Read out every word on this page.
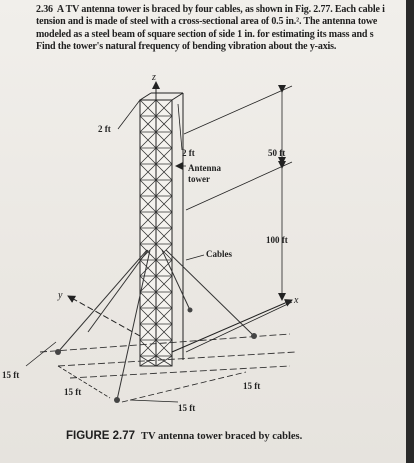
2.36 A TV antenna tower is braced by four cables, as shown in Fig. 2.77. Each cable i
tension and is made of steel with a cross-sectional area of 0.5 in.². The antenna towe
modeled as a steel beam of square section of side 1 in. for estimating its mass and s
Find the tower's natural frequency of bending vibration about the y-axis.
z
y	x
2 ft
2 ft
Antenna
tower
50 ft
100 ft
Cables
15 ft
15 ft
15 ft
15 ft
FIGURE 2.77 TV antenna tower braced by cables.
